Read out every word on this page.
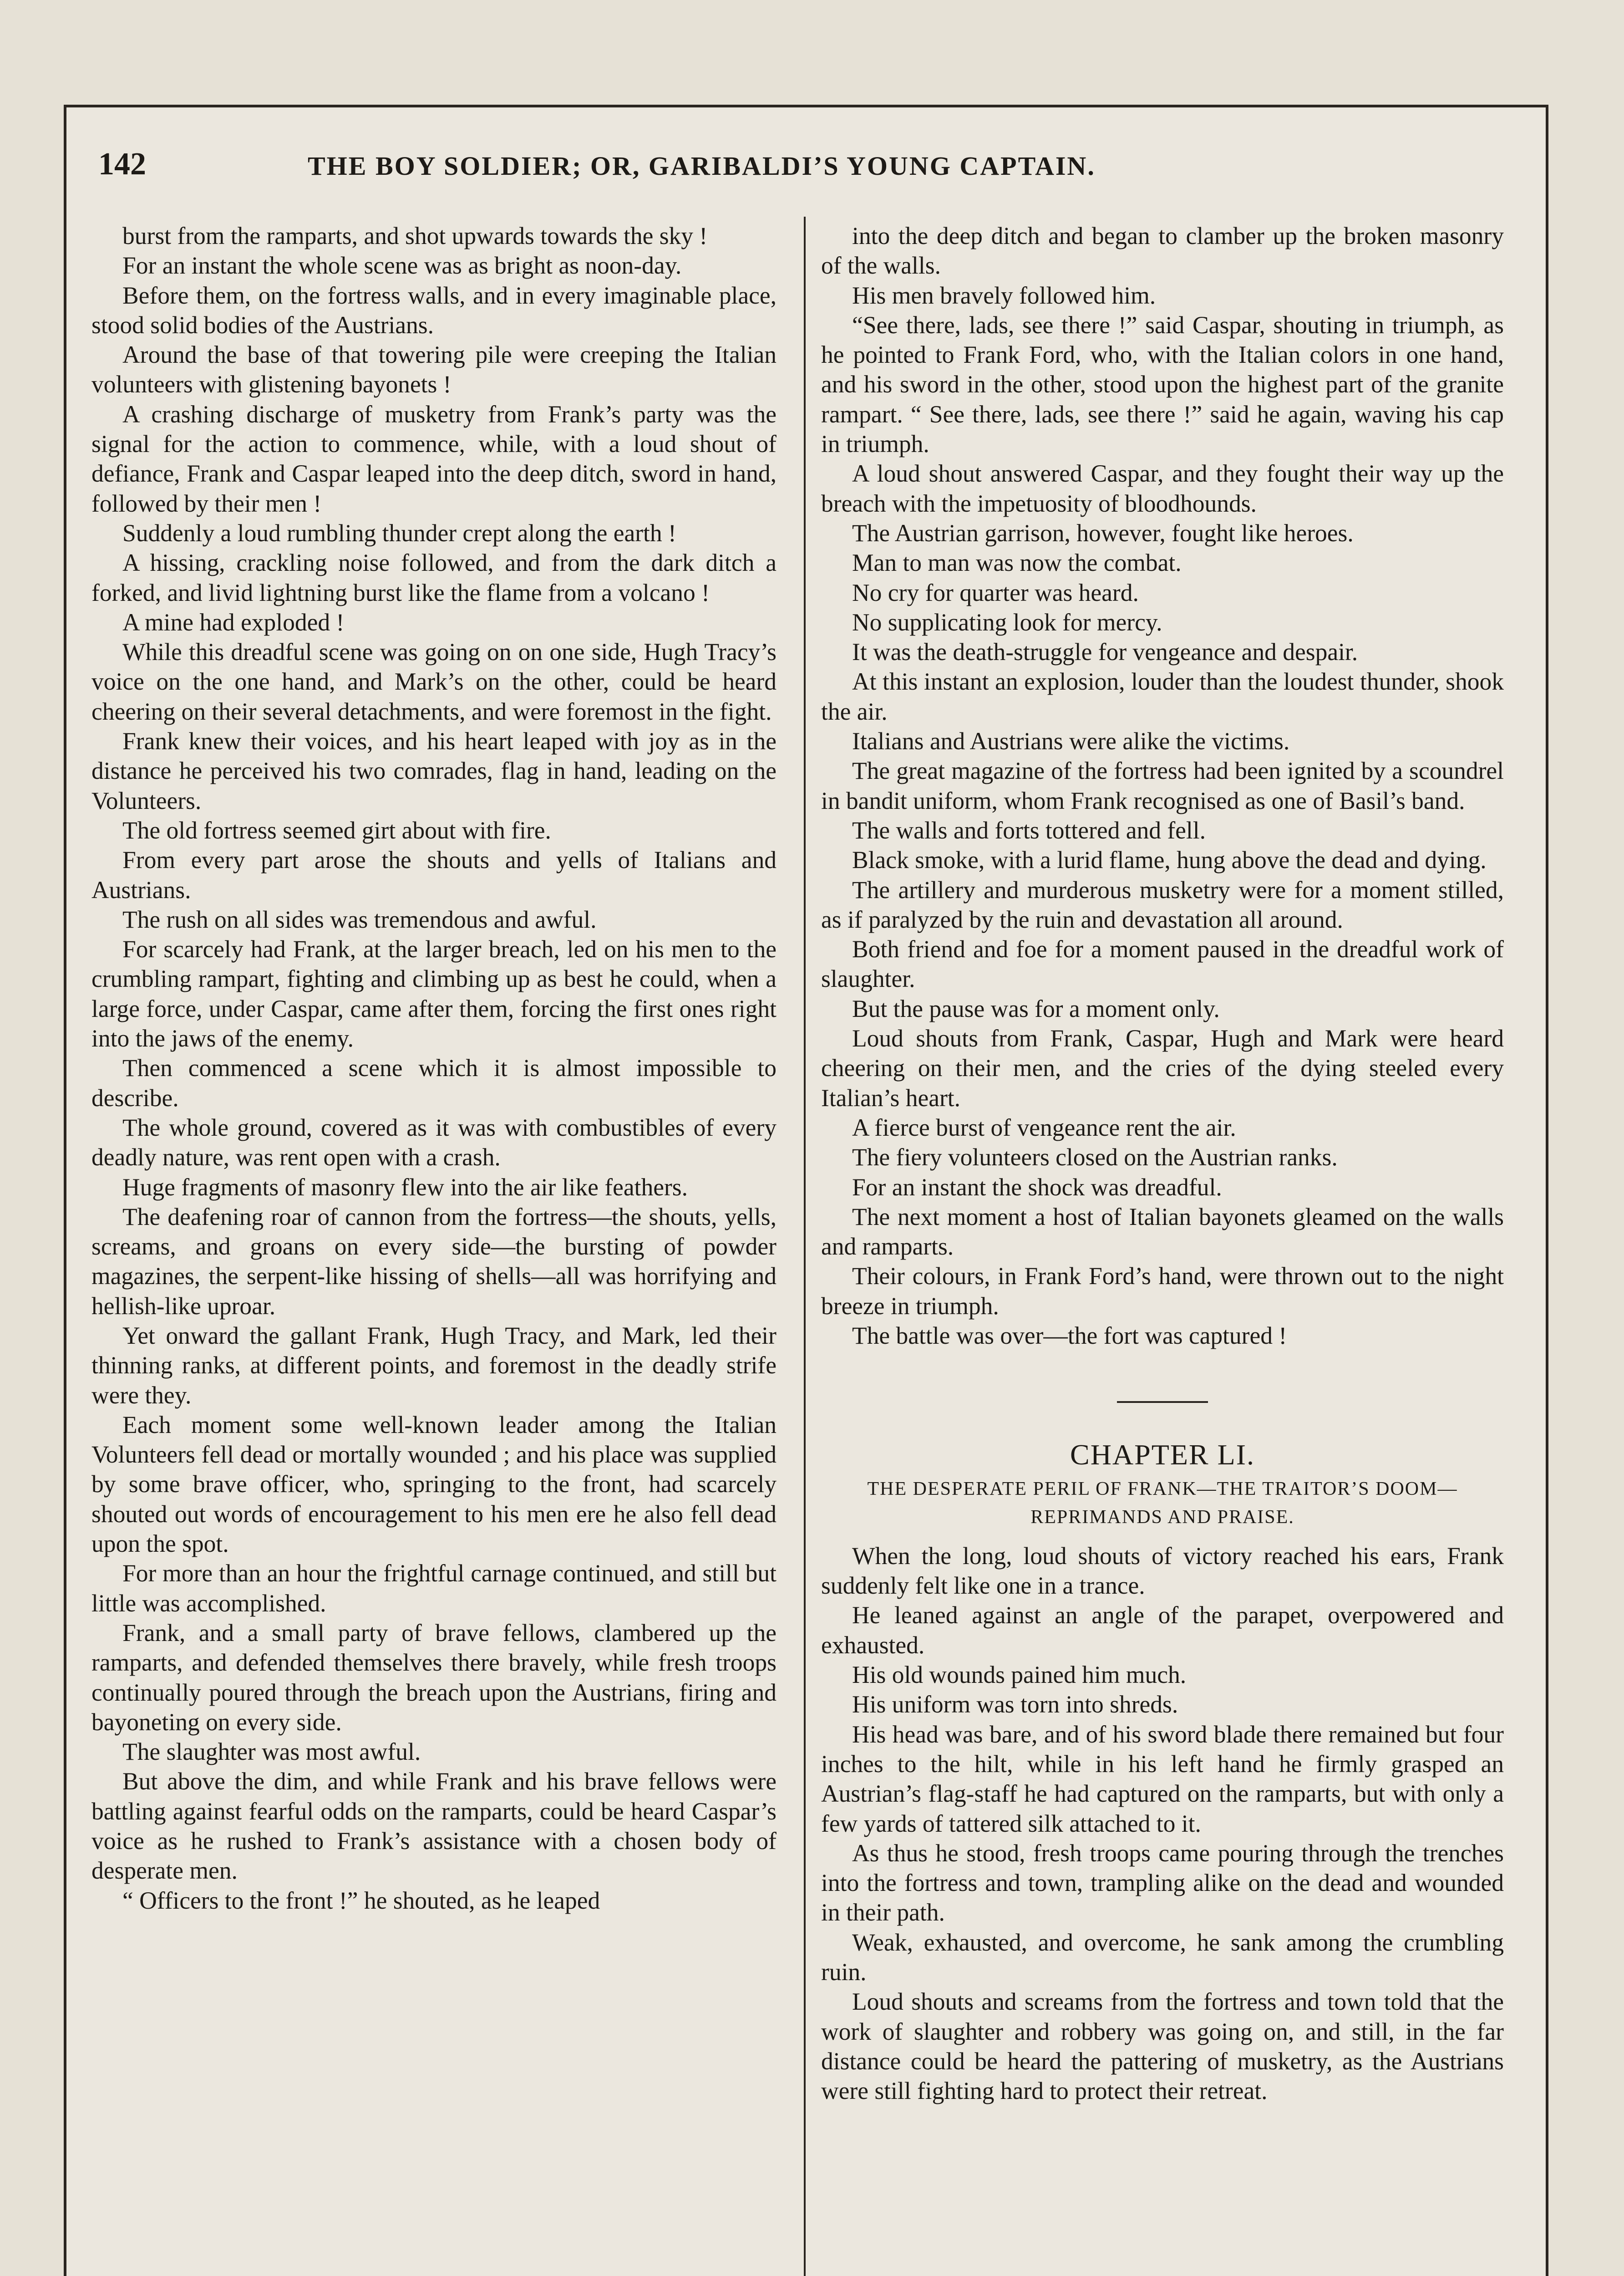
142	THE BOY SOLDIER; OR, GARIBALDI’S YOUNG CAPTAIN.

burst from the ramparts, and shot upwards towards the sky !

For an instant the whole scene was as bright as noon-day.

Before them, on the fortress walls, and in every imaginable place, stood solid bodies of the Austrians.

Around the base of that towering pile were creeping the Italian volunteers with glistening bayonets !

A crashing discharge of musketry from Frank’s party was the signal for the action to commence, while, with a loud shout of defiance, Frank and Caspar leaped into the deep ditch, sword in hand, followed by their men !

Suddenly a loud rumbling thunder crept along the earth !

A hissing, crackling noise followed, and from the dark ditch a forked, and livid lightning burst like the flame from a volcano !

A mine had exploded !

While this dreadful scene was going on on one side, Hugh Tracy’s voice on the one hand, and Mark’s on the other, could be heard cheering on their several detachments, and were foremost in the fight.

Frank knew their voices, and his heart leaped with joy as in the distance he perceived his two comrades, flag in hand, leading on the Volunteers.

The old fortress seemed girt about with fire.

From every part arose the shouts and yells of Italians and Austrians.

The rush on all sides was tremendous and awful.

For scarcely had Frank, at the larger breach, led on his men to the crumbling rampart, fighting and climbing up as best he could, when a large force, under Caspar, came after them, forcing the first ones right into the jaws of the enemy.

Then commenced a scene which it is almost impossible to describe.

The whole ground, covered as it was with combustibles of every deadly nature, was rent open with a crash.

Huge fragments of masonry flew into the air like feathers.

The deafening roar of cannon from the fortress—the shouts, yells, screams, and groans on every side—the bursting of powder magazines, the serpent-like hissing of shells—all was horrifying and hellish-like uproar.

Yet onward the gallant Frank, Hugh Tracy, and Mark, led their thinning ranks, at different points, and foremost in the deadly strife were they.

Each moment some well-known leader among the Italian Volunteers fell dead or mortally wounded ; and his place was supplied by some brave officer, who, springing to the front, had scarcely shouted out words of encouragement to his men ere he also fell dead upon the spot.

For more than an hour the frightful carnage continued, and still but little was accomplished.

Frank, and a small party of brave fellows, clambered up the ramparts, and defended themselves there bravely, while fresh troops continually poured through the breach upon the Austrians, firing and bayoneting on every side.

The slaughter was most awful.

But above the dim, and while Frank and his brave fellows were battling against fearful odds on the ramparts, could be heard Caspar’s voice as he rushed to Frank’s assistance with a chosen body of desperate men.

“ Officers to the front !” he shouted, as he leaped

into the deep ditch and began to clamber up the broken masonry of the walls.

His men bravely followed him.

“See there, lads, see there !” said Caspar, shouting in triumph, as he pointed to Frank Ford, who, with the Italian colors in one hand, and his sword in the other, stood upon the highest part of the granite rampart. “ See there, lads, see there !” said he again, waving his cap in triumph.

A loud shout answered Caspar, and they fought their way up the breach with the impetuosity of bloodhounds.

The Austrian garrison, however, fought like heroes.

Man to man was now the combat.

No cry for quarter was heard.

No supplicating look for mercy.

It was the death-struggle for vengeance and despair.

At this instant an explosion, louder than the loudest thunder, shook the air.

Italians and Austrians were alike the victims.

The great magazine of the fortress had been ignited by a scoundrel in bandit uniform, whom Frank recognised as one of Basil’s band.

The walls and forts tottered and fell.

Black smoke, with a lurid flame, hung above the dead and dying.

The artillery and murderous musketry were for a moment stilled, as if paralyzed by the ruin and devastation all around.

Both friend and foe for a moment paused in the dreadful work of slaughter.

But the pause was for a moment only.

Loud shouts from Frank, Caspar, Hugh and Mark were heard cheering on their men, and the cries of the dying steeled every Italian’s heart.

A fierce burst of vengeance rent the air.

The fiery volunteers closed on the Austrian ranks.

For an instant the shock was dreadful.

The next moment a host of Italian bayonets gleamed on the walls and ramparts.

Their colours, in Frank Ford’s hand, were thrown out to the night breeze in triumph.

The battle was over—the fort was captured !

CHAPTER LI.
THE DESPERATE PERIL OF FRANK—THE TRAITOR’S DOOM—REPRIMANDS AND PRAISE.

When the long, loud shouts of victory reached his ears, Frank suddenly felt like one in a trance.

He leaned against an angle of the parapet, overpowered and exhausted.

His old wounds pained him much.

His uniform was torn into shreds.

His head was bare, and of his sword blade there remained but four inches to the hilt, while in his left hand he firmly grasped an Austrian’s flag-staff he had captured on the ramparts, but with only a few yards of tattered silk attached to it.

As thus he stood, fresh troops came pouring through the trenches into the fortress and town, trampling alike on the dead and wounded in their path.

Weak, exhausted, and overcome, he sank among the crumbling ruin.

Loud shouts and screams from the fortress and town told that the work of slaughter and robbery was going on, and still, in the far distance could be heard the pattering of musketry, as the Austrians were still fighting hard to protect their retreat.
